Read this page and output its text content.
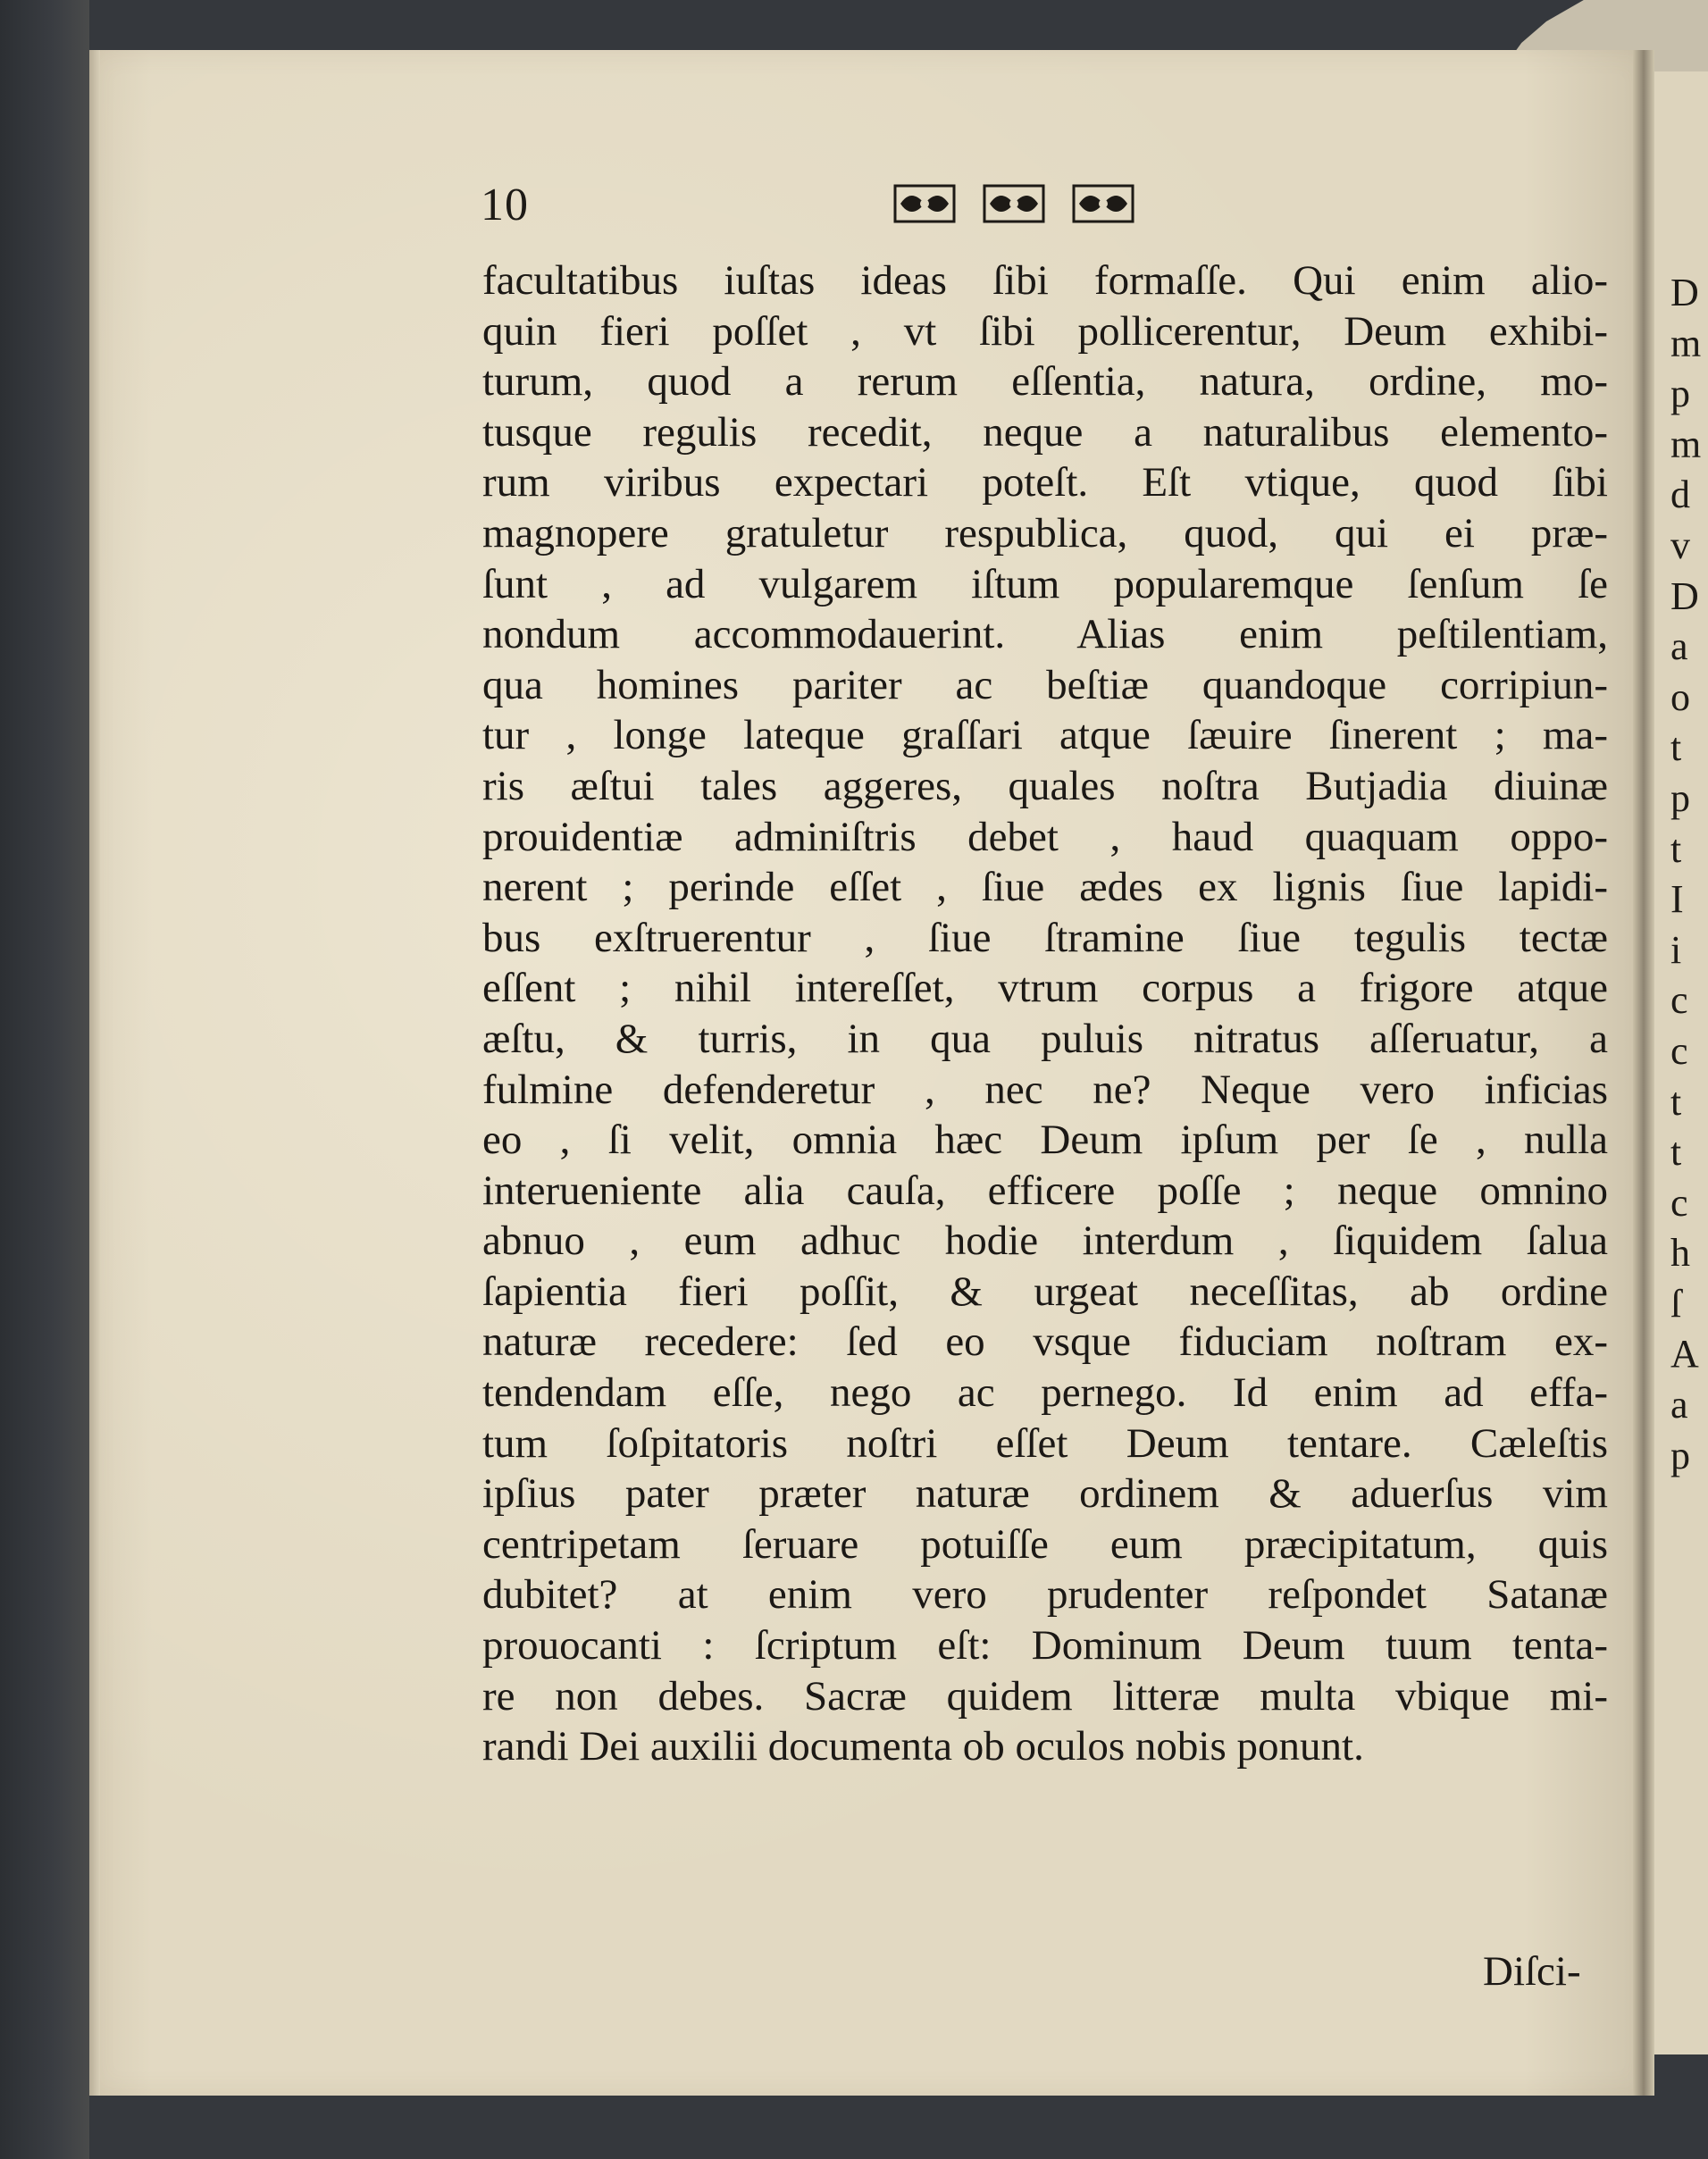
10
facultatibus iuſtas ideas ſibi formaſſe. Qui enim alio-
quin fieri poſſet , vt ſibi pollicerentur, Deum exhibi-
turum, quod a rerum eſſentia, natura, ordine, mo-
tusque regulis recedit, neque a naturalibus elemento-
rum viribus expectari poteſt. Eſt vtique, quod ſibi
magnopere gratuletur respublica, quod, qui ei præ-
ſunt , ad vulgarem iſtum popularemque ſenſum ſe
nondum accommodauerint. Alias enim peſtilentiam,
qua homines pariter ac beſtiæ quandoque corripiun-
tur , longe lateque graſſari atque ſæuire ſinerent ; ma-
ris æſtui tales aggeres, quales noſtra Butjadia diuinæ
prouidentiæ adminiſtris debet , haud quaquam oppo-
nerent ; perinde eſſet , ſiue ædes ex lignis ſiue lapidi-
bus exſtruerentur , ſiue ſtramine ſiue tegulis tectæ
eſſent ; nihil intereſſet, vtrum corpus a frigore atque
æſtu, & turris, in qua puluis nitratus aſſeruatur, a
fulmine defenderetur , nec ne? Neque vero inficias
eo , ſi velit, omnia hæc Deum ipſum per ſe , nulla
interueniente alia cauſa, efficere poſſe ; neque omnino
abnuo , eum adhuc hodie interdum , ſiquidem ſalua
ſapientia fieri poſſit, & urgeat neceſſitas, ab ordine
naturæ recedere: ſed eo vsque fiduciam noſtram ex-
tendendam eſſe, nego ac pernego. Id enim ad effa-
tum ſoſpitatoris noſtri eſſet Deum tentare. Cæleſtis
ipſius pater præter naturæ ordinem & aduerſus vim
centripetam ſeruare potuiſſe eum præcipitatum, quis
dubitet? at enim vero prudenter reſpondet Satanæ
prouocanti : ſcriptum eſt: Dominum Deum tuum tenta-
re non debes. Sacræ quidem litteræ multa vbique mi-
randi Dei auxilii documenta ob oculos nobis ponunt.
Diſci-
D
m
p
m
d
v
D
a
o
t
p
t
I
i
c
c
t
t
c
h
ſ
A
a
p
